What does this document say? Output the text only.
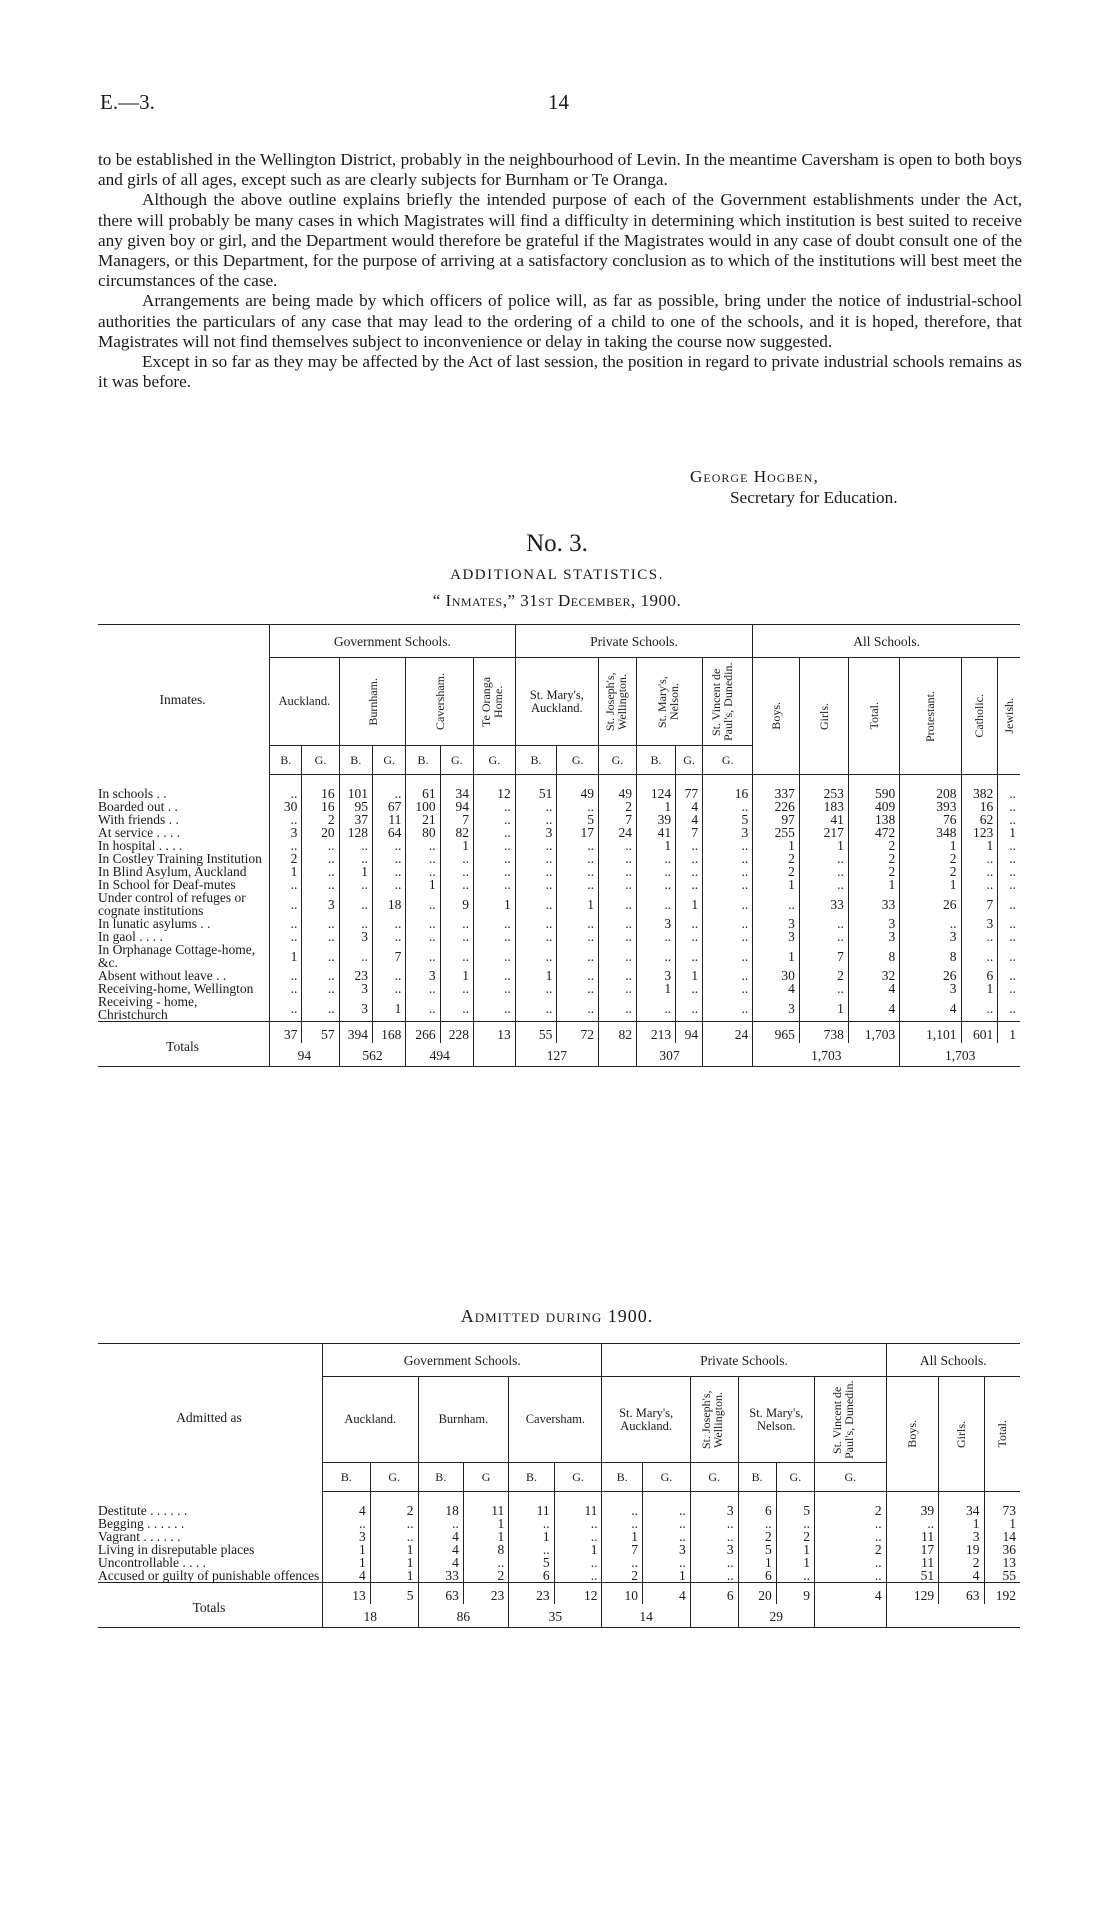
E.—3.	14

to be established in the Wellington District, probably in the neighbourhood of Levin. In the meantime Caversham is open to both boys and girls of all ages, except such as are clearly subjects for Burnham or Te Oranga.

Although the above outline explains briefly the intended purpose of each of the Government establishments under the Act, there will probably be many cases in which Magistrates will find a difficulty in determining which institution is best suited to receive any given boy or girl, and the Department would therefore be grateful if the Magistrates would in any case of doubt consult one of the Managers, or this Department, for the purpose of arriving at a satisfactory conclusion as to which of the institutions will best meet the circumstances of the case.

Arrangements are being made by which officers of police will, as far as possible, bring under the notice of industrial-school authorities the particulars of any case that may lead to the ordering of a child to one of the schools, and it is hoped, therefore, that Magistrates will not find themselves subject to inconvenience or delay in taking the course now suggested.

Except in so far as they may be affected by the Act of last session, the position in regard to private industrial schools remains as it was before.

George Hogben,
Secretary for Education.
No. 3.
ADDITIONAL STATISTICS.
“ Inmates,” 31st December, 1900.
Inmates.	Government Schools.							Private Schools.						All Schools.					
	Auckland.		Burnham.		Caversham.		Te Oranga Home.	St. Mary's, Auckland.		St. Joseph's, Wellington.	St. Mary's, Nelson.		St. Vincent de Paul's, Dunedin.	Boys.	Girls.	Total.	Protestant.	Catholic.	Jewish.

	B.	G.	B.	G.	B.	G.	G.	B.	G.	G.	B.	G.	G.						
In schools . .	..	16	101	..	61	34	12	51	49	49	124	77	16	337	253	590	208	382	..
Boarded out . .	30	16	95	67	100	94	..	..	..	2	1	4	..	226	183	409	393	16	..
With friends . .	..	2	37	11	21	7	..	..	5	7	39	4	5	97	41	138	76	62	..
At service . . . .	3	20	128	64	80	82	..	3	17	24	41	7	3	255	217	472	348	123	1
In hospital . . . .	..	..	..	..	..	1	..	..	..	..	1	..	..	1	1	2	1	1	..
In Costley Training Institution	2	..	..	..	..	..	..	..	..	..	..	..	..	2	..	2	2	..	..
In Blind Asylum, Auckland	1	..	1	..	..	..	..	..	..	..	..	..	..	2	..	2	2	..	..
In School for Deaf-mutes	..	..	..	..	1	..	..	..	..	..	..	..	..	1	..	1	1	..	..
Under control of refuges or cognate institutions	..	3	..	18	..	9	1	..	1	..	..	1	..	..	33	33	26	7	..
In lunatic asylums . .	..	..	..	..	..	..	..	..	..	..	3	..	..	3	..	3	..	3	..
In gaol . . . .	..	..	3	..	..	..	..	..	..	..	..	..	..	3	..	3	3	..	..
In Orphanage Cottage-home, &c.	1	..	..	7	..	..	..	..	..	..	..	..	..	1	7	8	8	..	..
Absent without leave . .	..	..	23	..	3	1	..	1	..	..	3	1	..	30	2	32	26	6	..
Receiving-home, Wellington	..	..	3	..	..	..	..	..	..	..	1	..	..	4	..	4	3	1	..
Receiving - home, Christchurch	..	..	3	1	..	..	..	..	..	..	..	..	..	3	1	4	4	..	..
Totals	37	57	394	168	266	228	13	55	72	82	213	94	24	965	738	1,703	1,101	601	1
	94		562		494			127			307			1,703			1,703		
Admitted during 1900.
Admitted as	Government Schools.						Private Schools.						All Schools.		
	Auckland.		Burnham.		Caversham.		St. Mary's, Auckland.		St. Joseph's, Wellington.	St. Mary's, Nelson.		St. Vincent de Paul's, Dunedin.	Boys.	Girls.	Total.

	B.	G.	B.	G	B.	G.	B.	G.	G.	B.	G.	G.			
Destitute . . . . . .	4	2	18	11	11	11	..	..	3	6	5	2	39	34	73
Begging . . . . . .	..	..	..	1	..	..	..	..	..	..	..	..	..	1	1
Vagrant . . . . . .	3	..	4	1	1	..	1	..	..	2	2	..	11	3	14
Living in disreputable places	1	1	4	8	..	1	7	3	3	5	1	2	17	19	36
Uncontrollable . . . .	1	1	4	..	5	..	..	..	..	1	1	..	11	2	13
Accused or guilty of punishable offences	4	1	33	2	6	..	2	1	..	6	..	..	51	4	55
Totals	13	5	63	23	23	12	10	4	6	20	9	4	129	63	192
	18		86		35		14			29					
